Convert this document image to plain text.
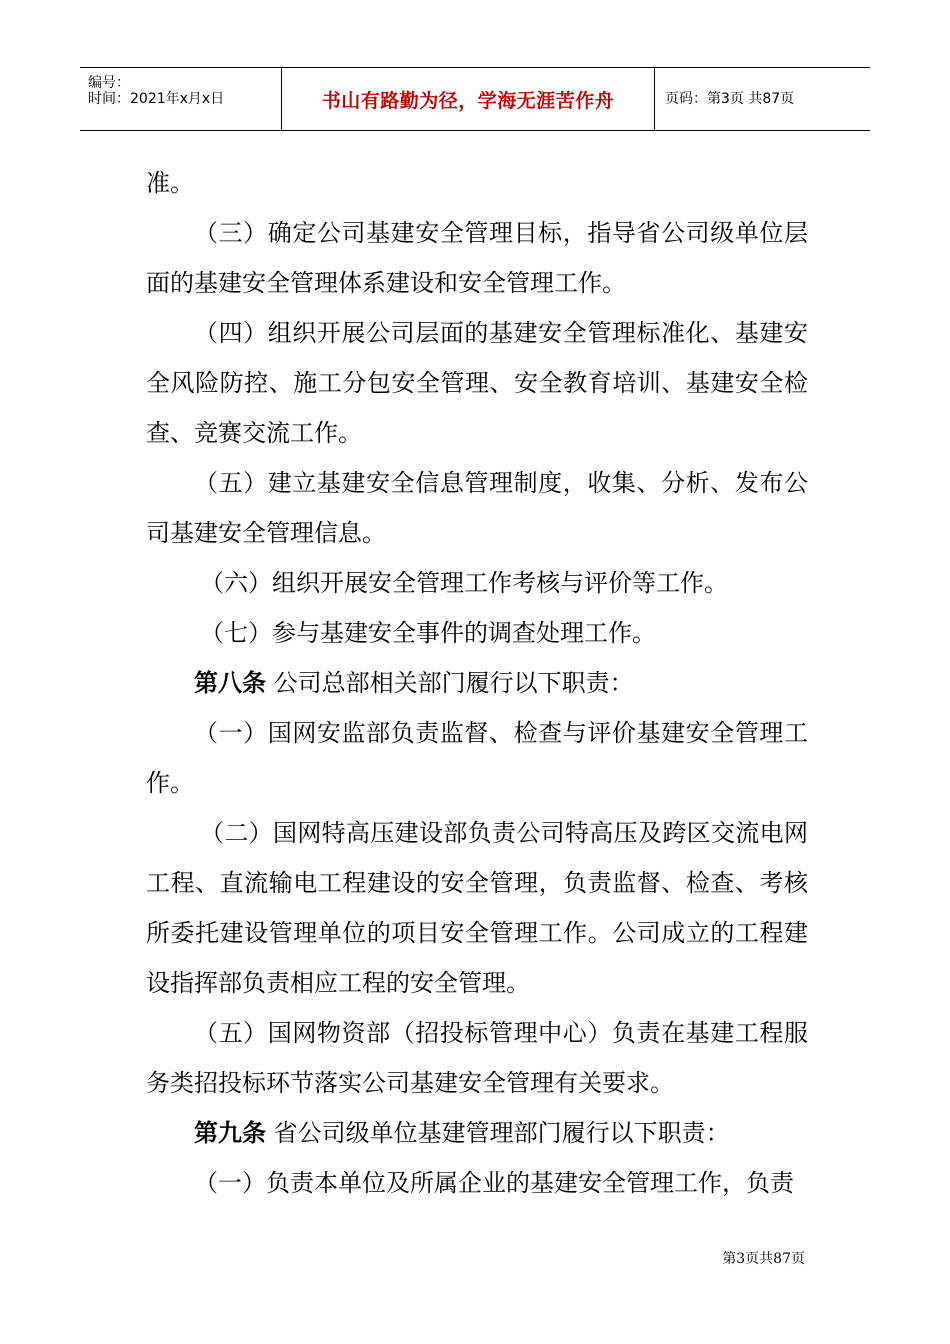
编号：
时间：2021年x月x日	书山有路勤为径，学海无涯苦作舟	页码：第3页 共87页

准。

（三）确定公司基建安全管理目标，指导省公司级单位层面的基建安全管理体系建设和安全管理工作。

（四）组织开展公司层面的基建安全管理标准化、基建安全风险防控、施工分包安全管理、安全教育培训、基建安全检查、竞赛交流工作。

（五）建立基建安全信息管理制度，收集、分析、发布公司基建安全管理信息。

（六）组织开展安全管理工作考核与评价等工作。

（七）参与基建安全事件的调查处理工作。

第八条 公司总部相关部门履行以下职责：

（一）国网安监部负责监督、检查与评价基建安全管理工作。

（二）国网特高压建设部负责公司特高压及跨区交流电网工程、直流输电工程建设的安全管理，负责监督、检查、考核所委托建设管理单位的项目安全管理工作。公司成立的工程建设指挥部负责相应工程的安全管理。

（五）国网物资部（招投标管理中心）负责在基建工程服务类招投标环节落实公司基建安全管理有关要求。

第九条 省公司级单位基建管理部门履行以下职责：

（一）负责本单位及所属企业的基建安全管理工作，负责

第3页共87页
